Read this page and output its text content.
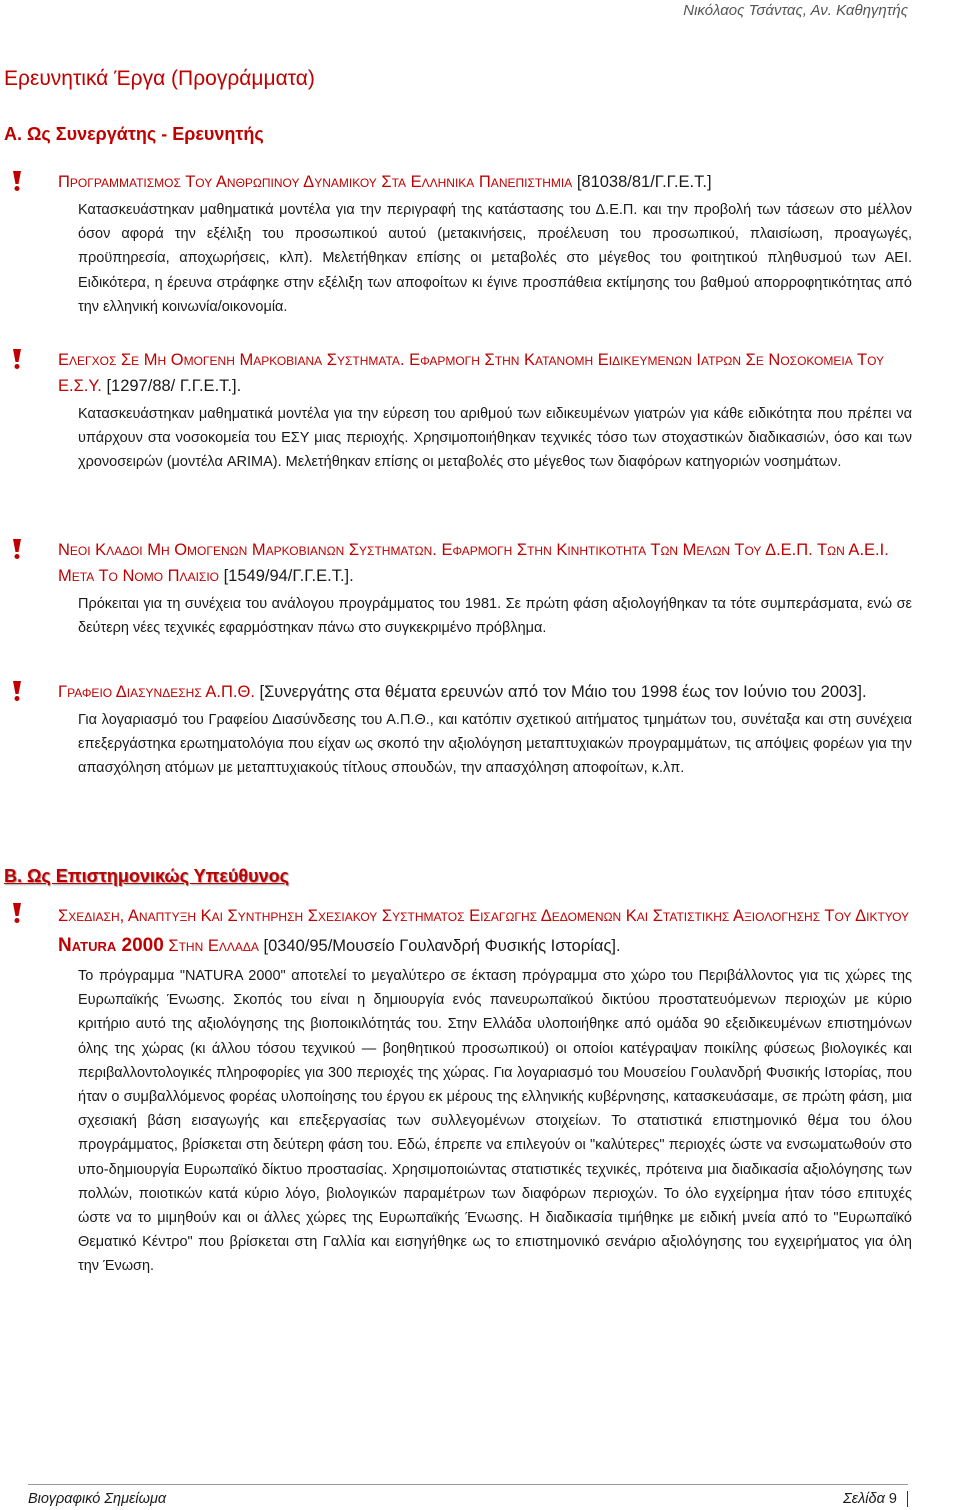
Νικόλαος Τσάντας, Αν. Καθηγητής
Ερευνητικά Έργα (Προγράμματα)
Α. Ως Συνεργάτης - Ερευνητής
Προγραμματισμος Του Ανθρωπινου Δυναμικου Στα Ελληνικα Πανεπιστημια [81038/81/Γ.Γ.Ε.Τ.]
Κατασκευάστηκαν μαθηματικά μοντέλα για την περιγραφή της κατάστασης του Δ.Ε.Π. και την προβολή των τάσεων στο μέλλον όσον αφορά την εξέλιξη του προσωπικού αυτού (μετακινήσεις, προέλευση του προσωπικού, πλαισίωση, προαγωγές, προϋπηρεσία, αποχωρήσεις, κλπ). Μελετήθηκαν επίσης οι μεταβολές στο μέγεθος του φοιτητικού πληθυσμού των ΑΕΙ. Ειδικότερα, η έρευνα στράφηκε στην εξέλιξη των αποφοίτων κι έγινε προσπάθεια εκτίμησης του βαθμού απορροφητικότητας από την ελληνική κοινωνία/οικονομία.
Ελεγχος Σε Μη Ομογενη Μαρκοβιανα Συστηματα. Εφαρμογη Στην Κατανομη Ειδικευμενων Ιατρων Σε Νοσοκομεια Του Ε.Σ.Υ. [1297/88/ Γ.Γ.Ε.Τ.].
Κατασκευάστηκαν μαθηματικά μοντέλα για την εύρεση του αριθμού των ειδικευμένων γιατρών για κάθε ειδικότητα που πρέπει να υπάρχουν στα νοσοκομεία του ΕΣΥ μιας περιοχής. Χρησιμοποιήθηκαν τεχνικές τόσο των στοχαστικών διαδικασιών, όσο και των χρονοσειρών (μοντέλα ARIMA). Μελετήθηκαν επίσης οι μεταβολές στο μέγεθος των διαφόρων κατηγοριών νοσημάτων.
Νεοι Κλαδοι Μη Ομογενων Μαρκοβιανων Συστηματων. Εφαρμογη Στην Κινητικοτητα Των Μελων Του Δ.Ε.Π. Των Α.Ε.Ι. Μετα Το Νομο Πλαισιο [1549/94/Γ.Γ.Ε.Τ.].
Πρόκειται για τη συνέχεια του ανάλογου προγράμματος του 1981. Σε πρώτη φάση αξιολογήθηκαν τα τότε συμπεράσματα, ενώ σε δεύτερη νέες τεχνικές εφαρμόστηκαν πάνω στο συγκεκριμένο πρόβλημα.
Γραφειο Διασυνδεσης Α.Π.Θ. [Συνεργάτης στα θέματα ερευνών από τον Μάιο του 1998 έως τον Ιούνιο του 2003].
Για λογαριασμό του Γραφείου Διασύνδεσης του Α.Π.Θ., και κατόπιν σχετικού αιτήματος τμημάτων του, συνέταξα και στη συνέχεια επεξεργάστηκα ερωτηματολόγια που είχαν ως σκοπό την αξιολόγηση μεταπτυχιακών προγραμμάτων, τις απόψεις φορέων για την απασχόληση ατόμων με μεταπτυχιακούς τίτλους σπουδών, την απασχόληση αποφοίτων, κ.λπ.
Β. Ως Επιστημονικώς Υπεύθυνος
Σχεδιαση, Αναπτυξη Και Συντηρηση Σχεσιακου Συστηματος Εισαγωγης Δεδομενων Και Στατιστικης Αξιολογησης Του Δικτυου Natura 2000 Στην Ελλαδα [0340/95/Μουσείο Γουλανδρή Φυσικής Ιστορίας].
Το πρόγραμμα "NATURA 2000" αποτελεί το μεγαλύτερο σε έκταση πρόγραμμα στο χώρο του Περιβάλλοντος για τις χώρες της Ευρωπαϊκής Ένωσης. Σκοπός του είναι η δημιουργία ενός πανευρωπαϊκού δικτύου προστατευόμενων περιοχών με κύριο κριτήριο αυτό της αξιολόγησης της βιοποικιλότητάς του. Στην Ελλάδα υλοποιήθηκε από ομάδα 90 εξειδικευμένων επιστημόνων όλης της χώρας (κι άλλου τόσου τεχνικού — βοηθητικού προσωπικού) οι οποίοι κατέγραψαν ποικίλης φύσεως βιολογικές και περιβαλλοντολογικές πληροφορίες για 300 περιοχές της χώρας. Για λογαριασμό του Μουσείου Γουλανδρή Φυσικής Ιστορίας, που ήταν ο συμβαλλόμενος φορέας υλοποίησης του έργου εκ μέρους της ελληνικής κυβέρνησης, κατασκευάσαμε, σε πρώτη φάση, μια σχεσιακή βάση εισαγωγής και επεξεργασίας των συλλεγομένων στοιχείων. Το στατιστικά επιστημονικό θέμα του όλου προγράμματος, βρίσκεται στη δεύτερη φάση του. Εδώ, έπρεπε να επιλεγούν οι "καλύτερες" περιοχές ώστε να ενσωματωθούν στο υπο-δημιουργία Ευρωπαϊκό δίκτυο προστασίας. Χρησιμοποιώντας στατιστικές τεχνικές, πρότεινα μια διαδικασία αξιολόγησης των πολλών, ποιοτικών κατά κύριο λόγο, βιολογικών παραμέτρων των διαφόρων περιοχών. Το όλο εγχείρημα ήταν τόσο επιτυχές ώστε να το μιμηθούν και οι άλλες χώρες της Ευρωπαϊκής Ένωσης. Η διαδικασία τιμήθηκε με ειδική μνεία από το "Ευρωπαϊκό Θεματικό Κέντρο" που βρίσκεται στη Γαλλία και εισηγήθηκε ως το επιστημονικό σενάριο αξιολόγησης του εγχειρήματος για όλη την Ένωση.
Βιογραφικό Σημείωμα	Σελίδα 9
